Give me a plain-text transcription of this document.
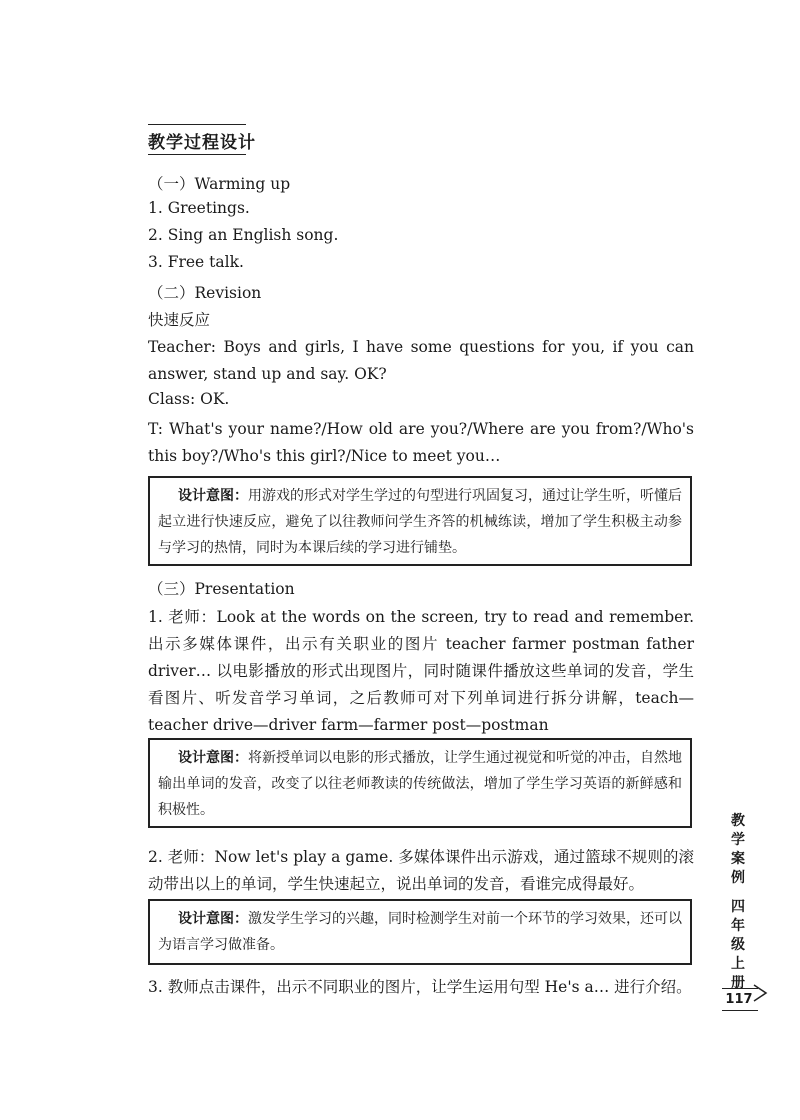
教学过程设计
（一）Warming up
1. Greetings.
2. Sing an English song.
3. Free talk.
（二）Revision
快速反应
Teacher: Boys and girls, I have some questions for you, if you can answer, stand up and say. OK?
Class: OK.
T: What's your name?/How old are you?/Where are you from?/Who's this boy?/Who's this girl?/Nice to meet you…
设计意图：用游戏的形式对学生学过的句型进行巩固复习，通过让学生听，听懂后起立进行快速反应，避免了以往教师问学生齐答的机械练读，增加了学生积极主动参与学习的热情，同时为本课后续的学习进行铺垫。
（三）Presentation
1. 老师：Look at the words on the screen, try to read and remember. 出示多媒体课件，出示有关职业的图片 teacher farmer postman father driver… 以电影播放的形式出现图片，同时随课件播放这些单词的发音，学生看图片、听发音学习单词，之后教师可对下列单词进行拆分讲解，teach—teacher drive—driver farm—farmer post—postman
设计意图：将新授单词以电影的形式播放，让学生通过视觉和听觉的冲击，自然地输出单词的发音，改变了以往老师教读的传统做法，增加了学生学习英语的新鲜感和积极性。
2. 老师：Now let's play a game. 多媒体课件出示游戏，通过篮球不规则的滚动带出以上的单词，学生快速起立，说出单词的发音，看谁完成得最好。
设计意图：激发学生学习的兴趣，同时检测学生对前一个环节的学习效果，还可以为语言学习做准备。
3. 教师点击课件，出示不同职业的图片，让学生运用句型 He's a… 进行介绍。
教学案例
四年级上册
117
